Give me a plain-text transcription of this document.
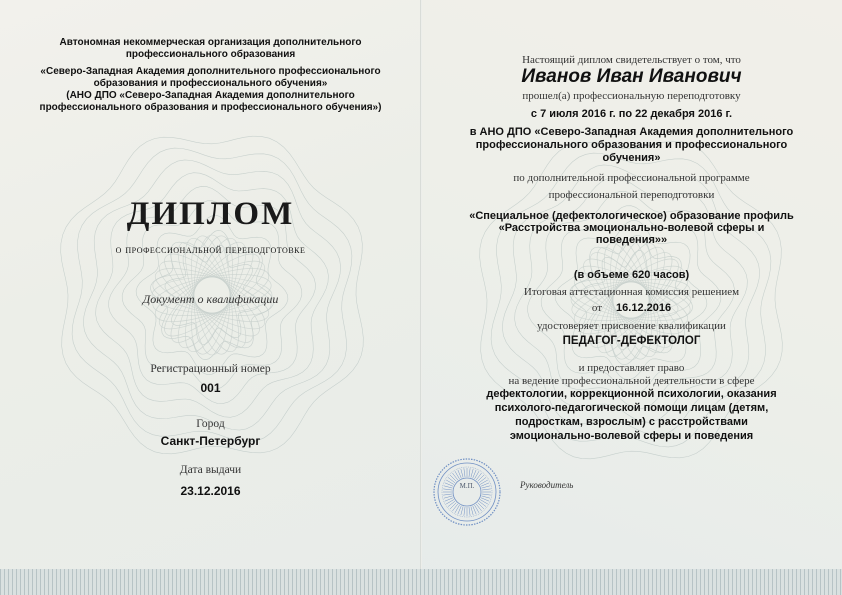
Автономная некоммерческая организация дополнительного
профессионального образования
«Северо-Западная Академия дополнительного профессионального
образования и профессионального обучения»
(АНО ДПО «Северо-Западная Академия дополнительного
профессионального образования и профессионального обучения»)
ДИПЛОМ
о профессиональной переподготовке
Документ о квалификации
Регистрационный номер
001
Город
Санкт-Петербург
Дата выдачи
23.12.2016
Настоящий диплом свидетельствует о том, что
Иванов Иван Иванович
прошел(а) профессиональную переподготовку
с 7 июля 2016 г. по 22 декабря 2016 г.
в АНО ДПО «Северо-Западная Академия дополнительного
профессионального образования и профессионального
обучения»
по дополнительной профессиональной программе
профессиональной переподготовки
«Специальное (дефектологическое) образование профиль
«Расстройства эмоционально-волевой сферы и
поведения»»
(в объеме 620 часов)
Итоговая аттестационная комиссия решением
от 16.12.2016
удостоверяет присвоение квалификации
ПЕДАГОГ-ДЕФЕКТОЛОГ
и предоставляет право
на ведение профессиональной деятельности в сфере
дефектологии, коррекционной психологии, оказания
психолого-педагогической помощи лицам (детям,
подросткам, взрослым) с расстройствами
эмоционально-волевой сферы и поведения
Руководитель
М.П.
